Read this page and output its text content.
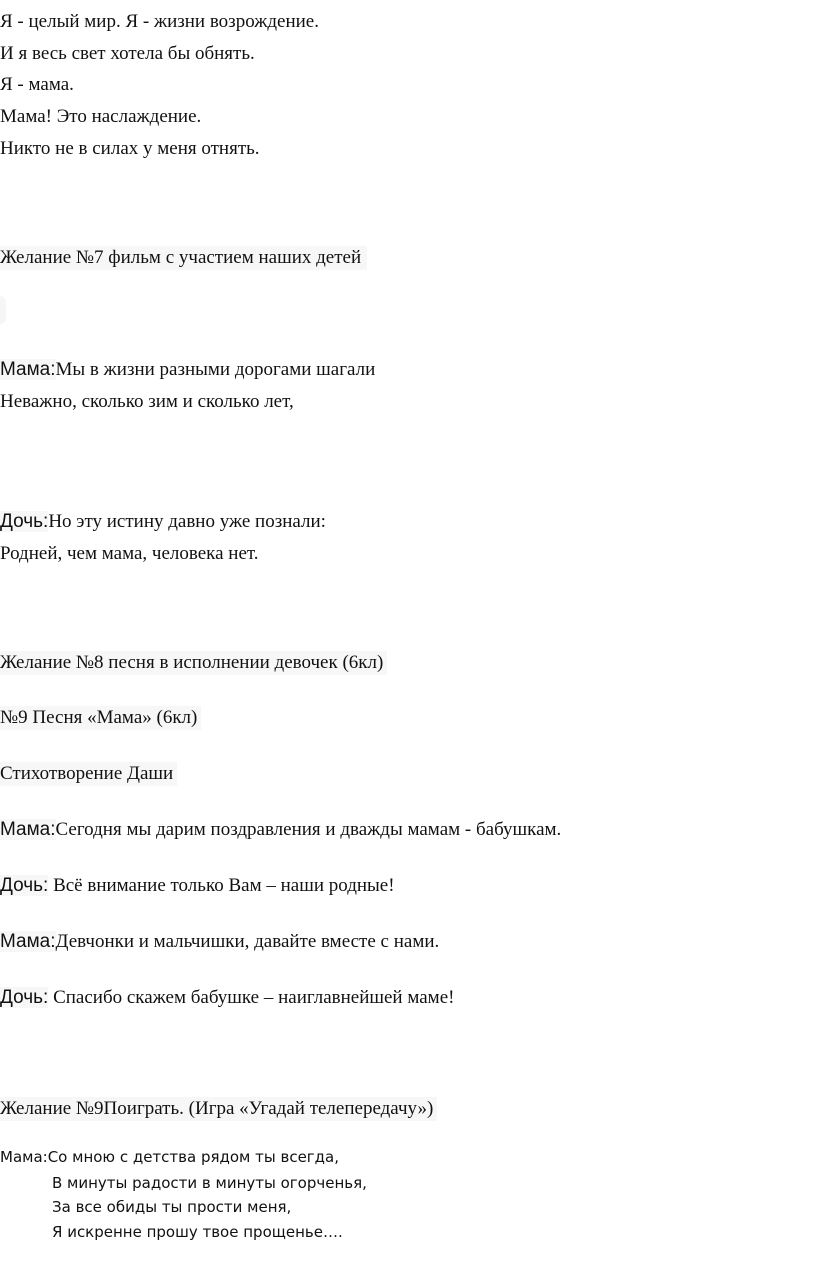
Я - целый мир. Я - жизни возрождение.
И я весь свет хотела бы обнять.
Я - мама.
Мама! Это наслаждение.
Никто не в силах у меня отнять.
Желание №7 фильм с участием наших детей
Мама:Мы в жизни разными дорогами шагали
Неважно, сколько зим и сколько лет,
Дочь:Но эту истину давно уже познали:
Родней, чем мама, человека нет.
Желание №8 песня в исполнении девочек (6кл)
№9 Песня «Мама» (6кл)
Стихотворение Даши
Мама:Сегодня мы дарим поздравления и дважды мамам - бабушкам.
Дочь: Всё внимание только Вам – наши родные!
Мама:Девчонки и мальчишки, давайте вместе с нами.
Дочь: Спасибо скажем бабушке – наиглавнейшей маме!
Желание №9Поиграть. (Игра «Угадай телепередачу»)
Мама:Со мною с детства рядом ты всегда,
В минуты радости в минуты огорченья,
За все обиды ты прости меня,
Я искренне прошу твое прощенье….
